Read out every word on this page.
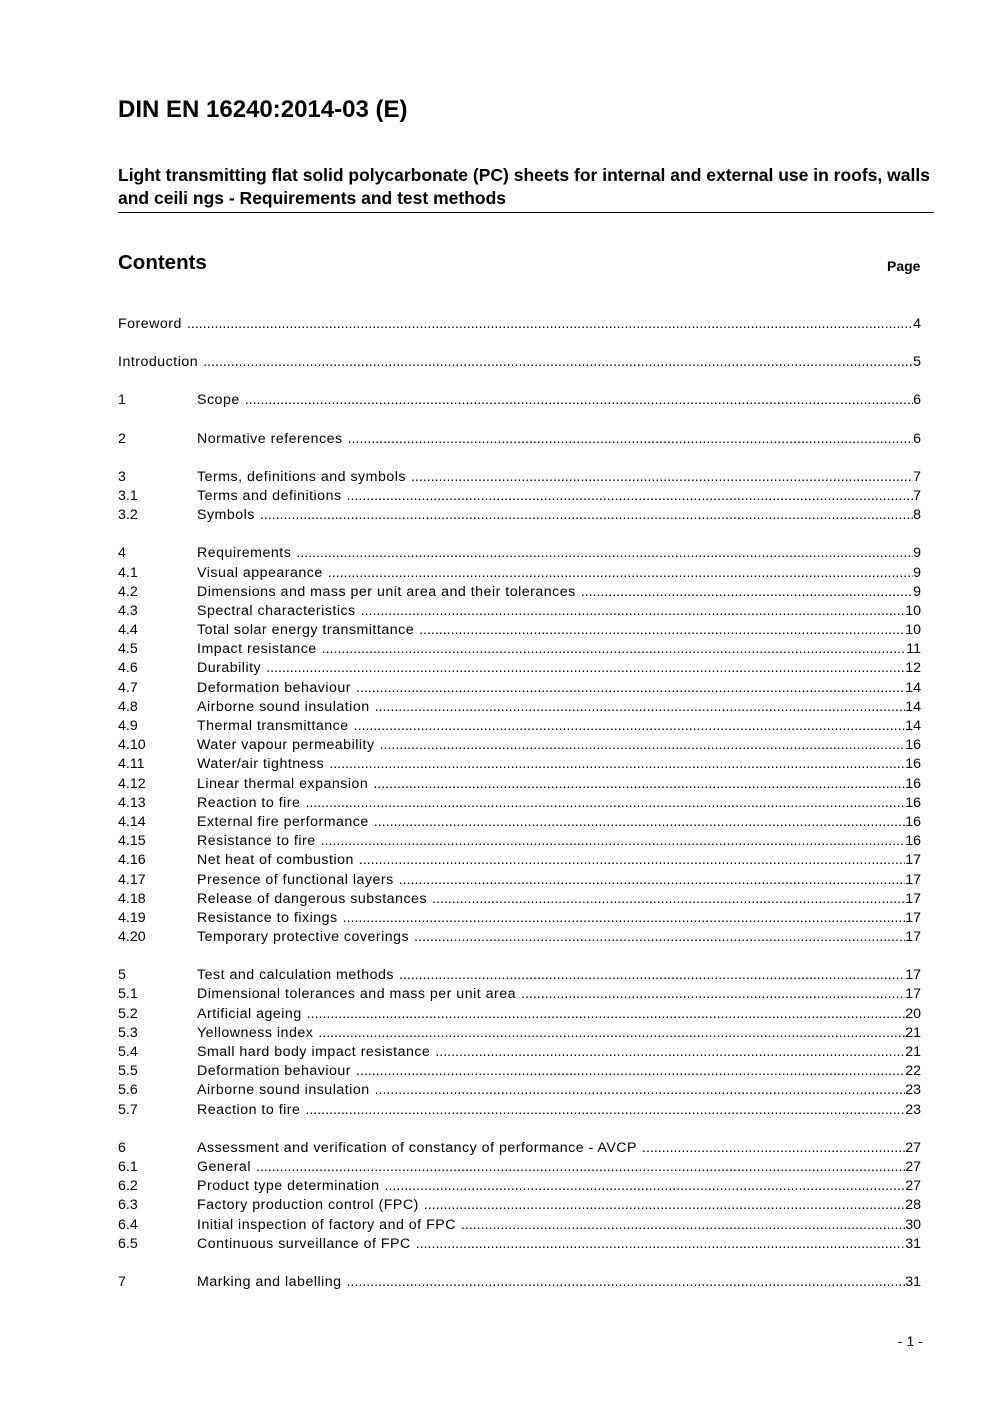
DIN EN 16240:2014-03 (E)
Light transmitting flat solid polycarbonate (PC) sheets for internal and external use in roofs, walls and ceili ngs - Requirements and test methods
Contents	Page
Foreword .....	4
Introduction .....	5
1	Scope .....	6
2	Normative references .....	6
3	Terms, definitions and symbols .....	7
3.1	Terms and definitions .....	7
3.2	Symbols .....	8
4	Requirements .....	9
4.1	Visual appearance .....	9
4.2	Dimensions and mass per unit area and their tolerances .....	9
4.3	Spectral characteristics .....	10
4.4	Total solar energy transmittance .....	10
4.5	Impact resistance .....	11
4.6	Durability .....	12
4.7	Deformation behaviour .....	14
4.8	Airborne sound insulation .....	14
4.9	Thermal transmittance .....	14
4.10	Water vapour permeability .....	16
4.11	Water/air tightness .....	16
4.12	Linear thermal expansion .....	16
4.13	Reaction to fire .....	16
4.14	External fire performance .....	16
4.15	Resistance to fire .....	16
4.16	Net heat of combustion .....	17
4.17	Presence of functional layers .....	17
4.18	Release of dangerous substances .....	17
4.19	Resistance to fixings .....	17
4.20	Temporary protective coverings .....	17
5	Test and calculation methods .....	17
5.1	Dimensional tolerances and mass per unit area .....	17
5.2	Artificial ageing .....	20
5.3	Yellowness index .....	21
5.4	Small hard body impact resistance .....	21
5.5	Deformation behaviour .....	22
5.6	Airborne sound insulation .....	23
5.7	Reaction to fire .....	23
6	Assessment and verification of constancy of performance - AVCP .....	27
6.1	General .....	27
6.2	Product type determination .....	27
6.3	Factory production control (FPC) .....	28
6.4	Initial inspection of factory and of FPC .....	30
6.5	Continuous surveillance of FPC .....	31
7	Marking and labelling .....	31
- 1 -
